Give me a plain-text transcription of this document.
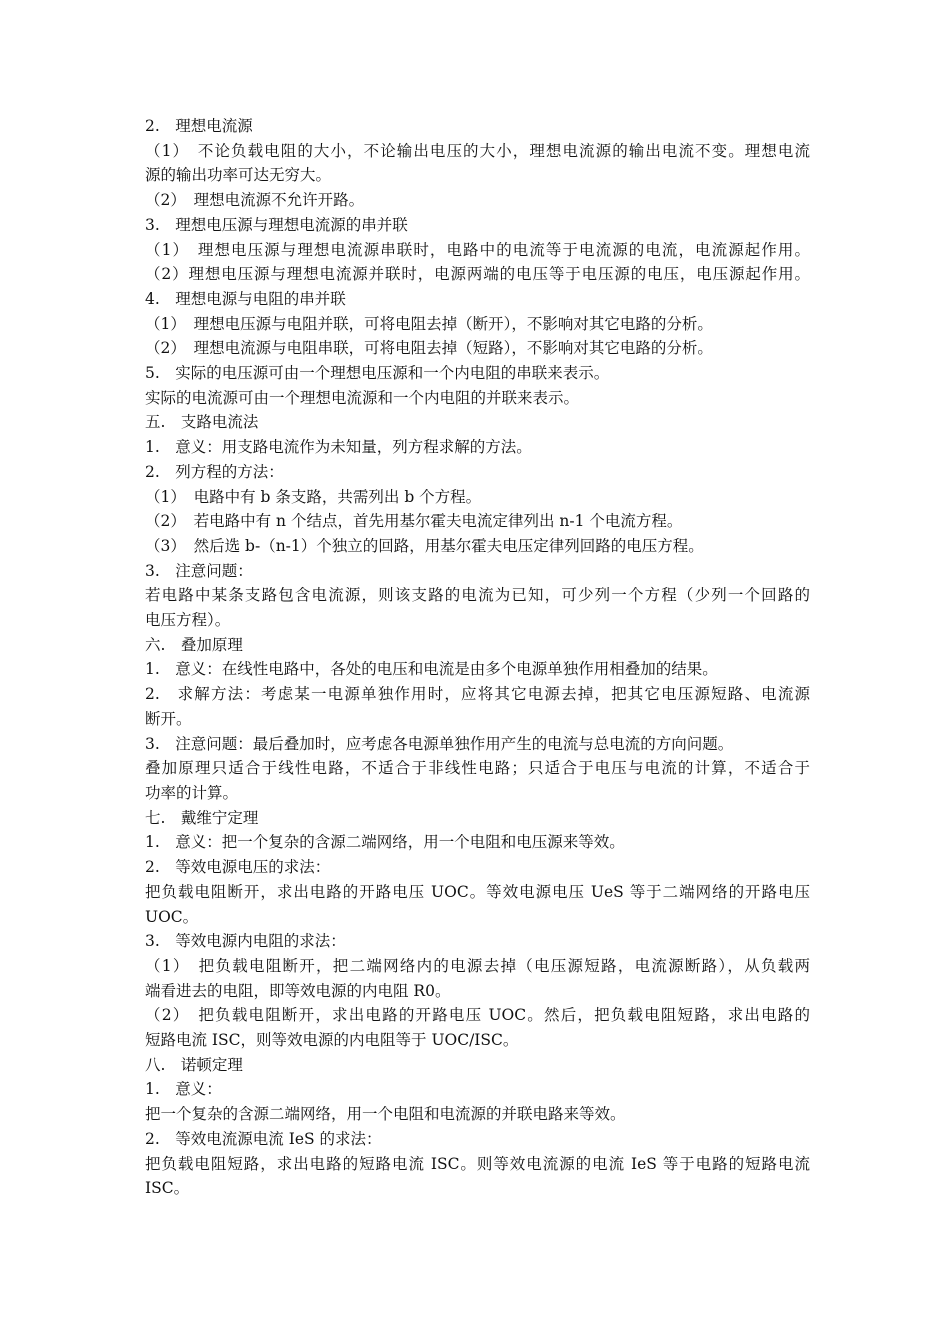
2.　理想电流源

（1）　不论负载电阻的大小，不论输出电压的大小，理想电流源的输出电流不变。理想电流

源的输出功率可达无穷大。

（2）　理想电流源不允许开路。

3.　理想电压源与理想电流源的串并联

（1）　理想电压源与理想电流源串联时，电路中的电流等于电流源的电流，电流源起作用。

（2）理想电压源与理想电流源并联时，电源两端的电压等于电压源的电压，电压源起作用。

4.　理想电源与电阻的串并联

（1）　理想电压源与电阻并联，可将电阻去掉（断开），不影响对其它电路的分析。

（2）　理想电流源与电阻串联，可将电阻去掉（短路），不影响对其它电路的分析。

5.　实际的电压源可由一个理想电压源和一个内电阻的串联来表示。

实际的电流源可由一个理想电流源和一个内电阻的并联来表示。

五.　支路电流法

1.　意义：用支路电流作为未知量，列方程求解的方法。

2.　列方程的方法：

（1）　电路中有 b 条支路，共需列出 b 个方程。

（2）　若电路中有 n 个结点，首先用基尔霍夫电流定律列出 n-1 个电流方程。

（3）　然后选 b-（n-1）个独立的回路，用基尔霍夫电压定律列回路的电压方程。

3.　注意问题：

若电路中某条支路包含电流源，则该支路的电流为已知，可少列一个方程（少列一个回路的

电压方程）。

六.　叠加原理

1.　意义：在线性电路中，各处的电压和电流是由多个电源单独作用相叠加的结果。

2.　求解方法：考虑某一电源单独作用时，应将其它电源去掉，把其它电压源短路、电流源

断开。

3.　注意问题：最后叠加时，应考虑各电源单独作用产生的电流与总电流的方向问题。

叠加原理只适合于线性电路，不适合于非线性电路；只适合于电压与电流的计算，不适合于

功率的计算。

七.　戴维宁定理

1.　意义：把一个复杂的含源二端网络，用一个电阻和电压源来等效。

2.　等效电源电压的求法：

把负载电阻断开，求出电路的开路电压 UOC。等效电源电压 UeS 等于二端网络的开路电压

UOC。

3.　等效电源内电阻的求法：

（1）　把负载电阻断开，把二端网络内的电源去掉（电压源短路，电流源断路），从负载两

端看进去的电阻，即等效电源的内电阻 R0。

（2）　把负载电阻断开，求出电路的开路电压 UOC。然后，把负载电阻短路，求出电路的

短路电流 ISC，则等效电源的内电阻等于 UOC/ISC。

八.　诺顿定理

1.　意义：

把一个复杂的含源二端网络，用一个电阻和电流源的并联电路来等效。

2.　等效电流源电流 IeS 的求法：

把负载电阻短路，求出电路的短路电流 ISC。则等效电流源的电流 IeS 等于电路的短路电流

ISC。
